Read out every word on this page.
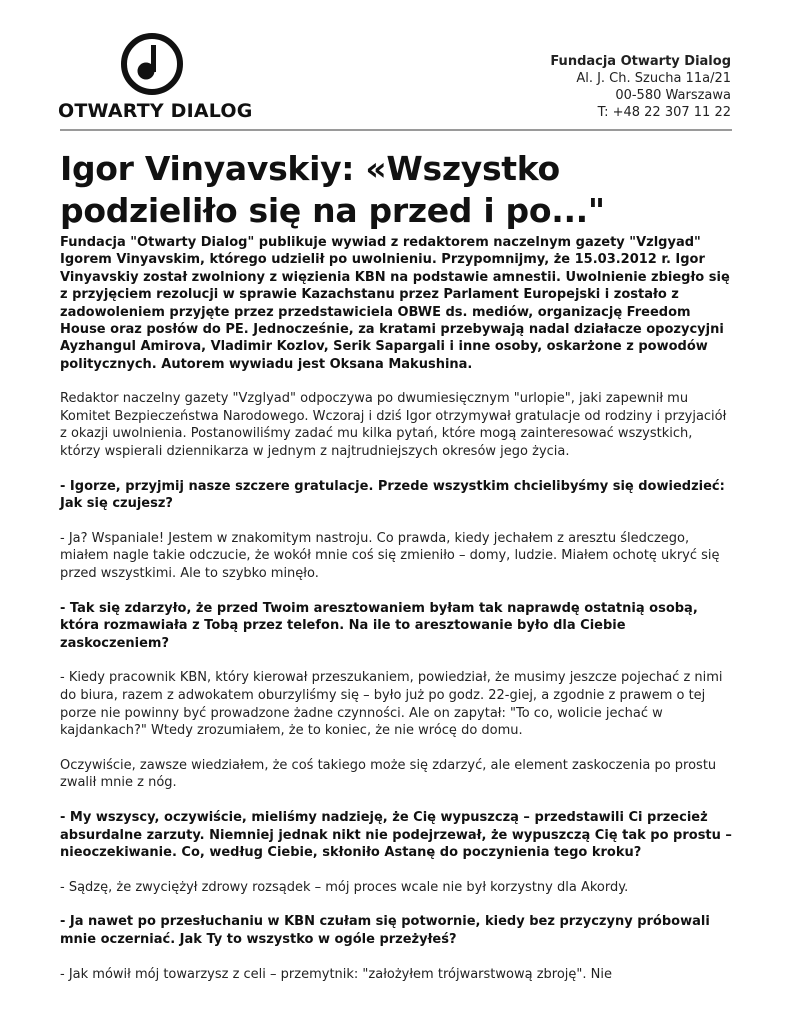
OTWARTY DIALOG
Fundacja Otwarty Dialog
Al. J. Ch. Szucha 11a/21
00-580 Warszawa
T: +48 22 307 11 22
Igor Vinyavskiy: «Wszystko podzieliło się na przed i po..."

Fundacja "Otwarty Dialog" publikuje wywiad z redaktorem naczelnym gazety "Vzlgyad" Igorem Vinyavskim, którego udzielił po uwolnieniu. Przypomnijmy, że 15.03.2012 r. Igor Vinyavskiy został zwolniony z więzienia KBN na podstawie amnestii. Uwolnienie zbiegło się z przyjęciem rezolucji w sprawie Kazachstanu przez Parlament Europejski i zostało z zadowoleniem przyjęte przez przedstawiciela OBWE ds. mediów, organizację Freedom House oraz posłów do PE. Jednocześnie, za kratami przebywają nadal działacze opozycyjni Ayzhangul Amirova, Vladimir Kozlov, Serik Sapargali i inne osoby, oskarżone z powodów politycznych. Autorem wywiadu jest Oksana Makushina.

Redaktor naczelny gazety "Vzglyad" odpoczywa po dwumiesięcznym "urlopie", jaki zapewnił mu Komitet Bezpieczeństwa Narodowego. Wczoraj i dziś Igor otrzymywał gratulacje od rodziny i przyjaciół z okazji uwolnienia. Postanowiliśmy zadać mu kilka pytań, które mogą zainteresować wszystkich, którzy wspierali dziennikarza w jednym z najtrudniejszych okresów jego życia.

- Igorze, przyjmij nasze szczere gratulacje. Przede wszystkim chcielibyśmy się dowiedzieć: Jak się czujesz?

- Ja? Wspaniale! Jestem w znakomitym nastroju. Co prawda, kiedy jechałem z aresztu śledczego, miałem nagle takie odczucie, że wokół mnie coś się zmieniło – domy, ludzie. Miałem ochotę ukryć się przed wszystkimi. Ale to szybko minęło.

- Tak się zdarzyło, że przed Twoim aresztowaniem byłam tak naprawdę ostatnią osobą, która rozmawiała z Tobą przez telefon. Na ile to aresztowanie było dla Ciebie zaskoczeniem?

- Kiedy pracownik KBN, który kierował przeszukaniem, powiedział, że musimy jeszcze pojechać z nimi do biura, razem z adwokatem oburzyliśmy się – było już po godz. 22-giej, a zgodnie z prawem o tej porze nie powinny być prowadzone żadne czynności. Ale on zapytał: "To co, wolicie jechać w kajdankach?" Wtedy zrozumiałem, że to koniec, że nie wrócę do domu.

Oczywiście, zawsze wiedziałem, że coś takiego może się zdarzyć, ale element zaskoczenia po prostu zwalił mnie z nóg.

- My wszyscy, oczywiście, mieliśmy nadzieję, że Cię wypuszczą – przedstawili Ci przecież absurdalne zarzuty. Niemniej jednak nikt nie podejrzewał, że wypuszczą Cię tak po prostu – nieoczekiwanie. Co, według Ciebie, skłoniło Astanę do poczynienia tego kroku?

- Sądzę, że zwyciężył zdrowy rozsądek – mój proces wcale nie był korzystny dla Akordy.

- Ja nawet po przesłuchaniu w KBN czułam się potwornie, kiedy bez przyczyny próbowali mnie oczerniać. Jak Ty to wszystko w ogóle przeżyłeś?

- Jak mówił mój towarzysz z celi – przemytnik: "założyłem trójwarstwową zbroję". Nie
